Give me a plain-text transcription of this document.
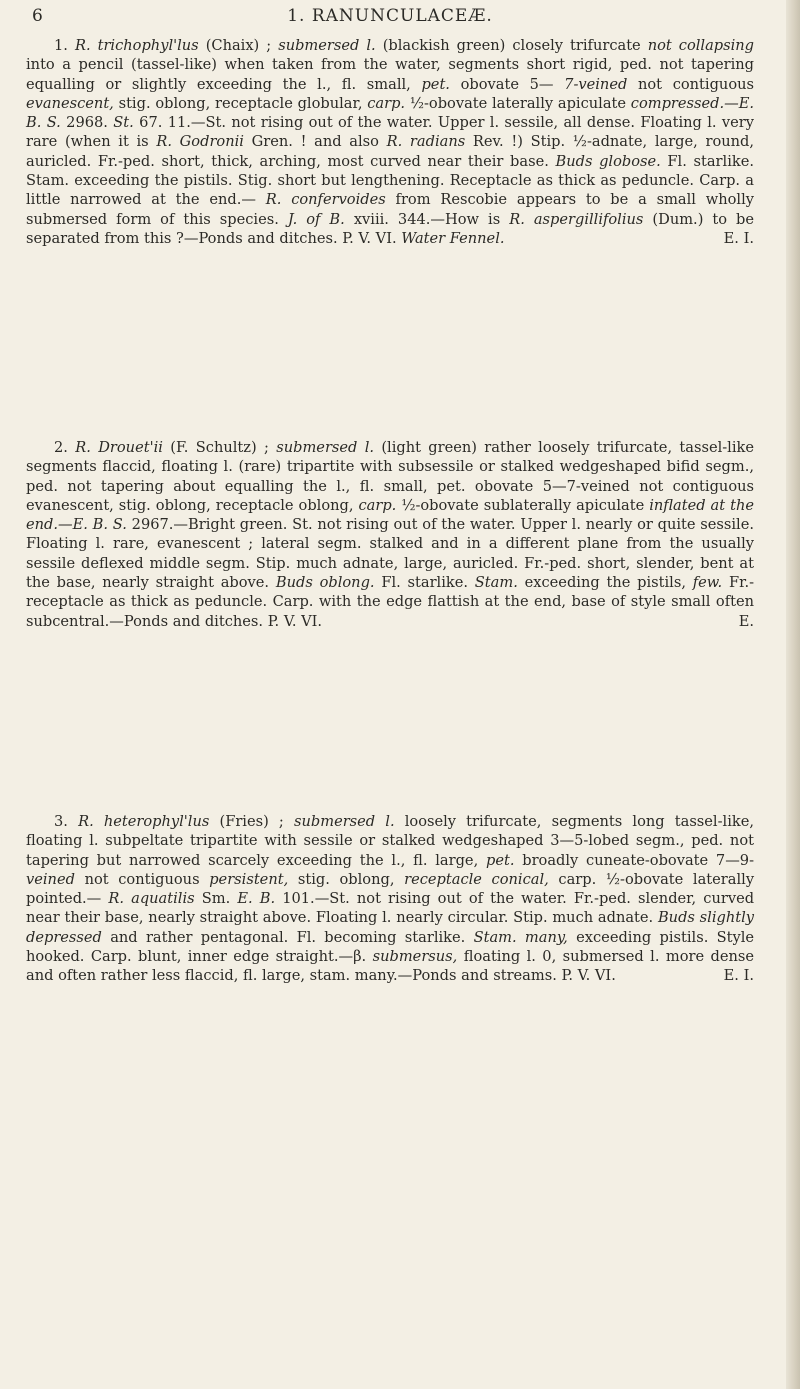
6	1. RANUNCULACEÆ.

1. R. trichophyl'lus (Chaix) ; submersed l. (blackish green) closely trifurcate not collapsing into a pencil (tassel-like) when taken from the water, segments short rigid, ped. not tapering equalling or slightly exceeding the l., fl. small, pet. obovate 5— 7-veined not contiguous evanescent, stig. oblong, receptacle globular, carp. ½-obovate laterally apiculate compressed.—E. B. S. 2968. St. 67. 11.—St. not rising out of the water. Upper l. sessile, all dense. Floating l. very rare (when it is R. Godronii Gren. ! and also R. radians Rev. !) Stip. ½-adnate, large, round, auricled. Fr.-ped. short, thick, arching, most curved near their base. Buds globose. Fl. starlike. Stam. exceeding the pistils. Stig. short but lengthening. Receptacle as thick as peduncle. Carp. a little narrowed at the end.— R. confervoides from Rescobie appears to be a small wholly submersed form of this species. J. of B. xviii. 344.—How is R. aspergillifolius (Dum.) to be separated from this ?—Ponds and ditches. P. V. VI. Water Fennel.	E. I.

2. R. Drouet'ii (F. Schultz) ; submersed l. (light green) rather loosely trifurcate, tassel-like segments flaccid, floating l. (rare) tripartite with subsessile or stalked wedgeshaped bifid segm., ped. not tapering about equalling the l., fl. small, pet. obovate 5—7-veined not contiguous evanescent, stig. oblong, receptacle oblong, carp. ½-obovate sublaterally apiculate inflated at the end.—E. B. S. 2967.—Bright green. St. not rising out of the water. Upper l. nearly or quite sessile. Floating l. rare, evanescent ; lateral segm. stalked and in a different plane from the usually sessile deflexed middle segm. Stip. much adnate, large, auricled. Fr.-ped. short, slender, bent at the base, nearly straight above. Buds oblong. Fl. starlike. Stam. exceeding the pistils, few. Fr.-receptacle as thick as peduncle. Carp. with the edge flattish at the end, base of style small often subcentral.—Ponds and ditches. P. V. VI.	E.

3. R. heterophyl'lus (Fries) ; submersed l. loosely trifurcate, segments long tassel-like, floating l. subpeltate tripartite with sessile or stalked wedgeshaped 3—5-lobed segm., ped. not tapering but narrowed scarcely exceeding the l., fl. large, pet. broadly cuneate-obovate 7—9-veined not contiguous persistent, stig. oblong, receptacle conical, carp. ½-obovate laterally pointed.— R. aquatilis Sm. E. B. 101.—St. not rising out of the water. Fr.-ped. slender, curved near their base, nearly straight above. Floating l. nearly circular. Stip. much adnate. Buds slightly depressed and rather pentagonal. Fl. becoming starlike. Stam. many, exceeding pistils. Style hooked. Carp. blunt, inner edge straight.—β. submersus, floating l. 0, submersed l. more dense and often rather less flaccid, fl. large, stam. many.—Ponds and streams. P. V. VI.	E. I.
